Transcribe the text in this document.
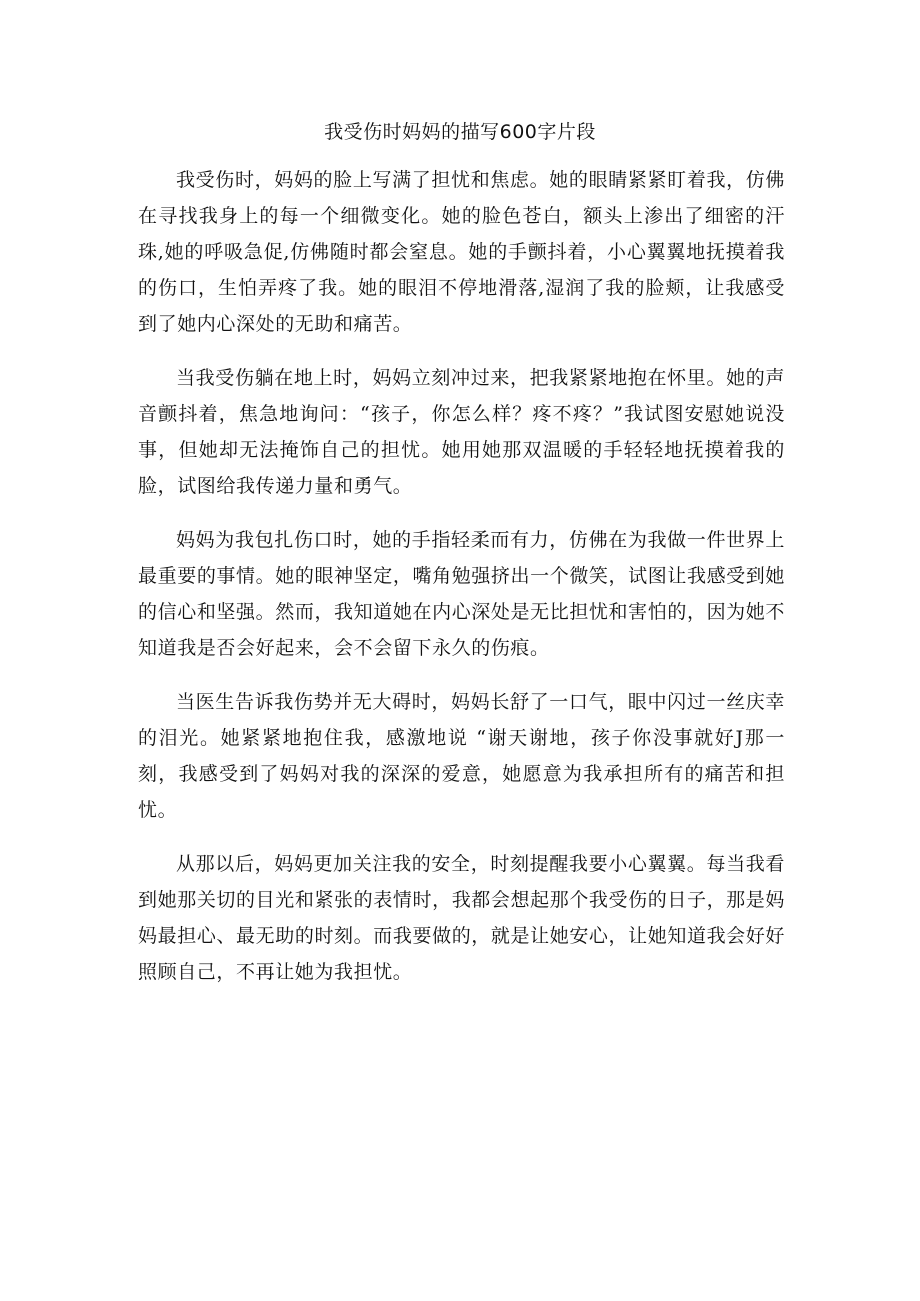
我受伤时妈妈的描写600字片段

我受伤时，妈妈的脸上写满了担忧和焦虑。她的眼睛紧紧盯着我，仿佛在寻找我身上的每一个细微变化。她的脸色苍白，额头上渗出了细密的汗珠,她的呼吸急促,仿佛随时都会窒息。她的手颤抖着，小心翼翼地抚摸着我的伤口，生怕弄疼了我。她的眼泪不停地滑落,湿润了我的脸颊，让我感受到了她内心深处的无助和痛苦。

当我受伤躺在地上时，妈妈立刻冲过来，把我紧紧地抱在怀里。她的声音颤抖着，焦急地询问：“孩子，你怎么样？疼不疼？”我试图安慰她说没事，但她却无法掩饰自己的担忧。她用她那双温暖的手轻轻地抚摸着我的脸，试图给我传递力量和勇气。

妈妈为我包扎伤口时，她的手指轻柔而有力，仿佛在为我做一件世界上最重要的事情。她的眼神坚定，嘴角勉强挤出一个微笑，试图让我感受到她的信心和坚强。然而，我知道她在内心深处是无比担忧和害怕的，因为她不知道我是否会好起来，会不会留下永久的伤痕。

当医生告诉我伤势并无大碍时，妈妈长舒了一口气，眼中闪过一丝庆幸的泪光。她紧紧地抱住我，感激地说 “谢天谢地，孩子你没事就好J那一刻，我感受到了妈妈对我的深深的爱意，她愿意为我承担所有的痛苦和担忧。

从那以后，妈妈更加关注我的安全，时刻提醒我要小心翼翼。每当我看到她那关切的目光和紧张的表情时，我都会想起那个我受伤的日子，那是妈妈最担心、最无助的时刻。而我要做的，就是让她安心，让她知道我会好好照顾自己，不再让她为我担忧。
